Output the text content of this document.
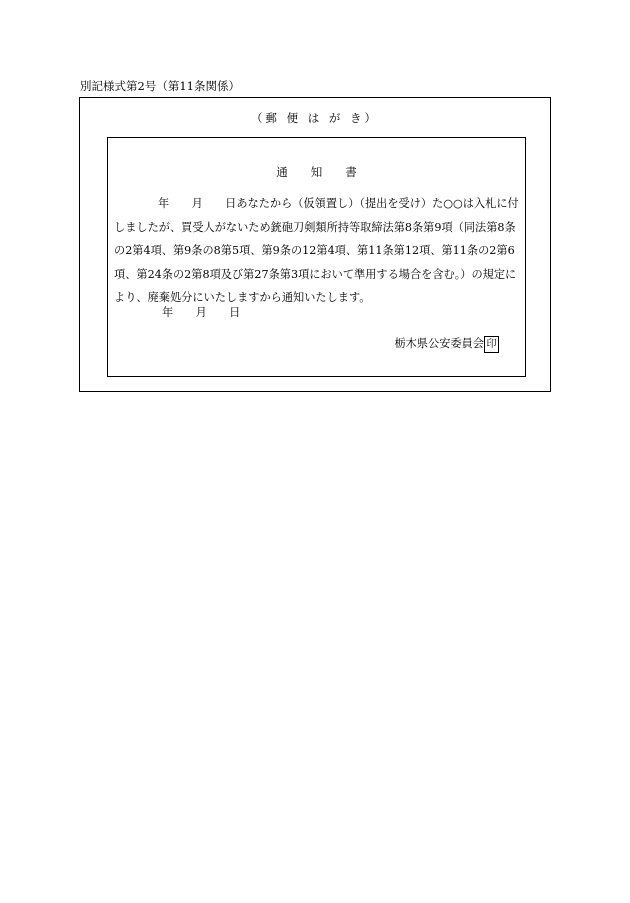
別記様式第2号（第11条関係）
（郵 便 は が き）
通　　知　　書
年　　月　　日あなたから（仮領置し）（提出を受け）た○○は入札に付しましたが、買受人がないため銃砲刀剣類所持等取締法第8条第9項（同法第8条の2第4項、第9条の8第5項、第9条の12第4項、第11条第12項、第11条の2第6項、第24条の2第8項及び第27条第3項において準用する場合を含む。）の規定により、廃棄処分にいたしますから通知いたします。
年　　月　　日
栃木県公安委員会 印
